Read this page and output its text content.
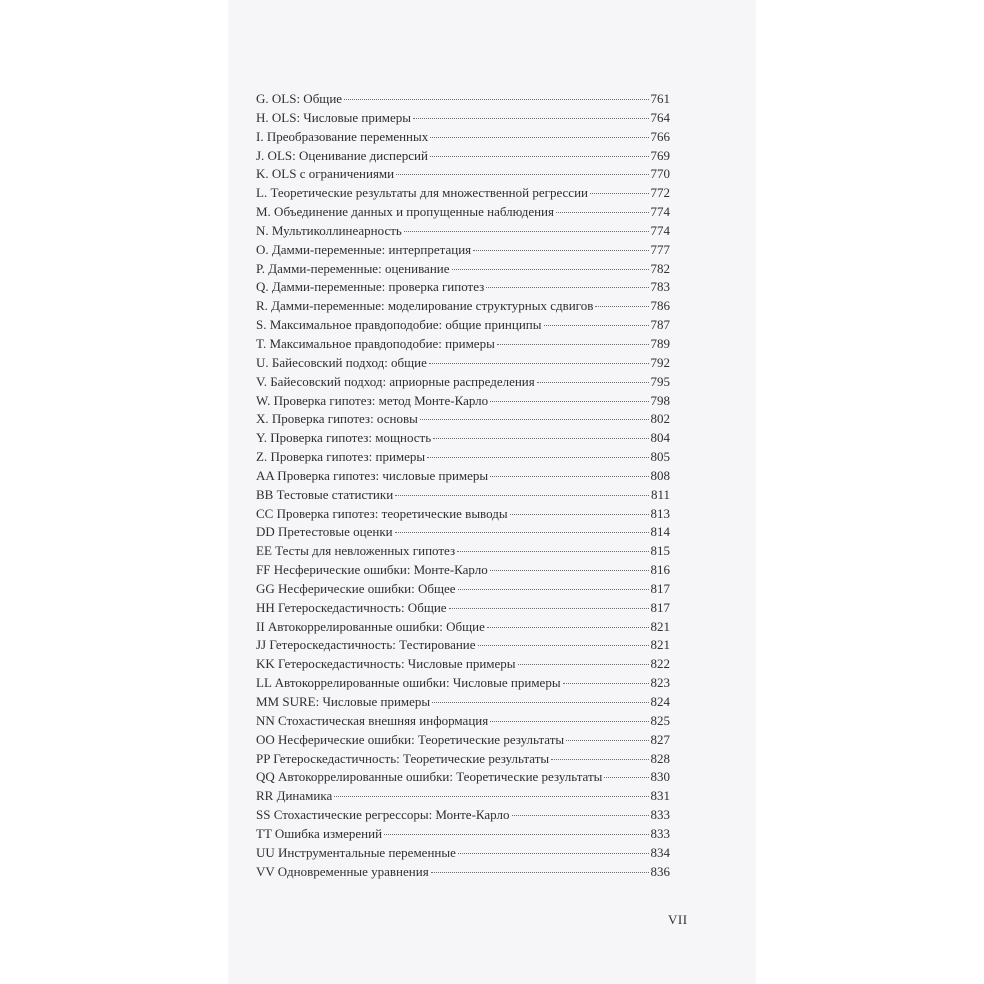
G. OLS: Общие	761
H. OLS: Числовые примеры	764
I. Преобразование переменных	766
J. OLS: Оценивание дисперсий	769
K. OLS с ограничениями	770
L. Теоретические результаты для множественной регрессии	772
M. Объединение данных и пропущенные наблюдения	774
N. Мультиколлинеарность	774
O. Дамми-переменные: интерпретация	777
P. Дамми-переменные: оценивание	782
Q. Дамми-переменные: проверка гипотез	783
R. Дамми-переменные: моделирование структурных сдвигов	786
S. Максимальное правдоподобие: общие принципы	787
T. Максимальное правдоподобие: примеры	789
U. Байесовский подход: общие	792
V. Байесовский подход: априорные распределения	795
W. Проверка гипотез: метод Монте-Карло	798
X. Проверка гипотез: основы	802
Y. Проверка гипотез: мощность	804
Z. Проверка гипотез: примеры	805
AA Проверка гипотез: числовые примеры	808
BB Тестовые статистики	811
CC Проверка гипотез: теоретические выводы	813
DD Претестовые оценки	814
EE Тесты для невложенных гипотез	815
FF Несферические ошибки: Монте-Карло	816
GG Несферические ошибки: Общее	817
HH Гетероскедастичность: Общие	817
II Автокоррелированные ошибки: Общие	821
JJ Гетероскедастичность: Тестирование	821
KK Гетероскедастичность: Числовые примеры	822
LL Автокоррелированные ошибки: Числовые примеры	823
MM SURE: Числовые примеры	824
NN Стохастическая внешняя информация	825
OO Несферические ошибки: Теоретические результаты	827
PP Гетероскедастичность: Теоретические результаты	828
QQ Автокоррелированные ошибки: Теоретические результаты	830
RR Динамика	831
SS Стохастические регрессоры: Монте-Карло	833
TT Ошибка измерений	833
UU Инструментальные переменные	834
VV Одновременные уравнения	836
VII
